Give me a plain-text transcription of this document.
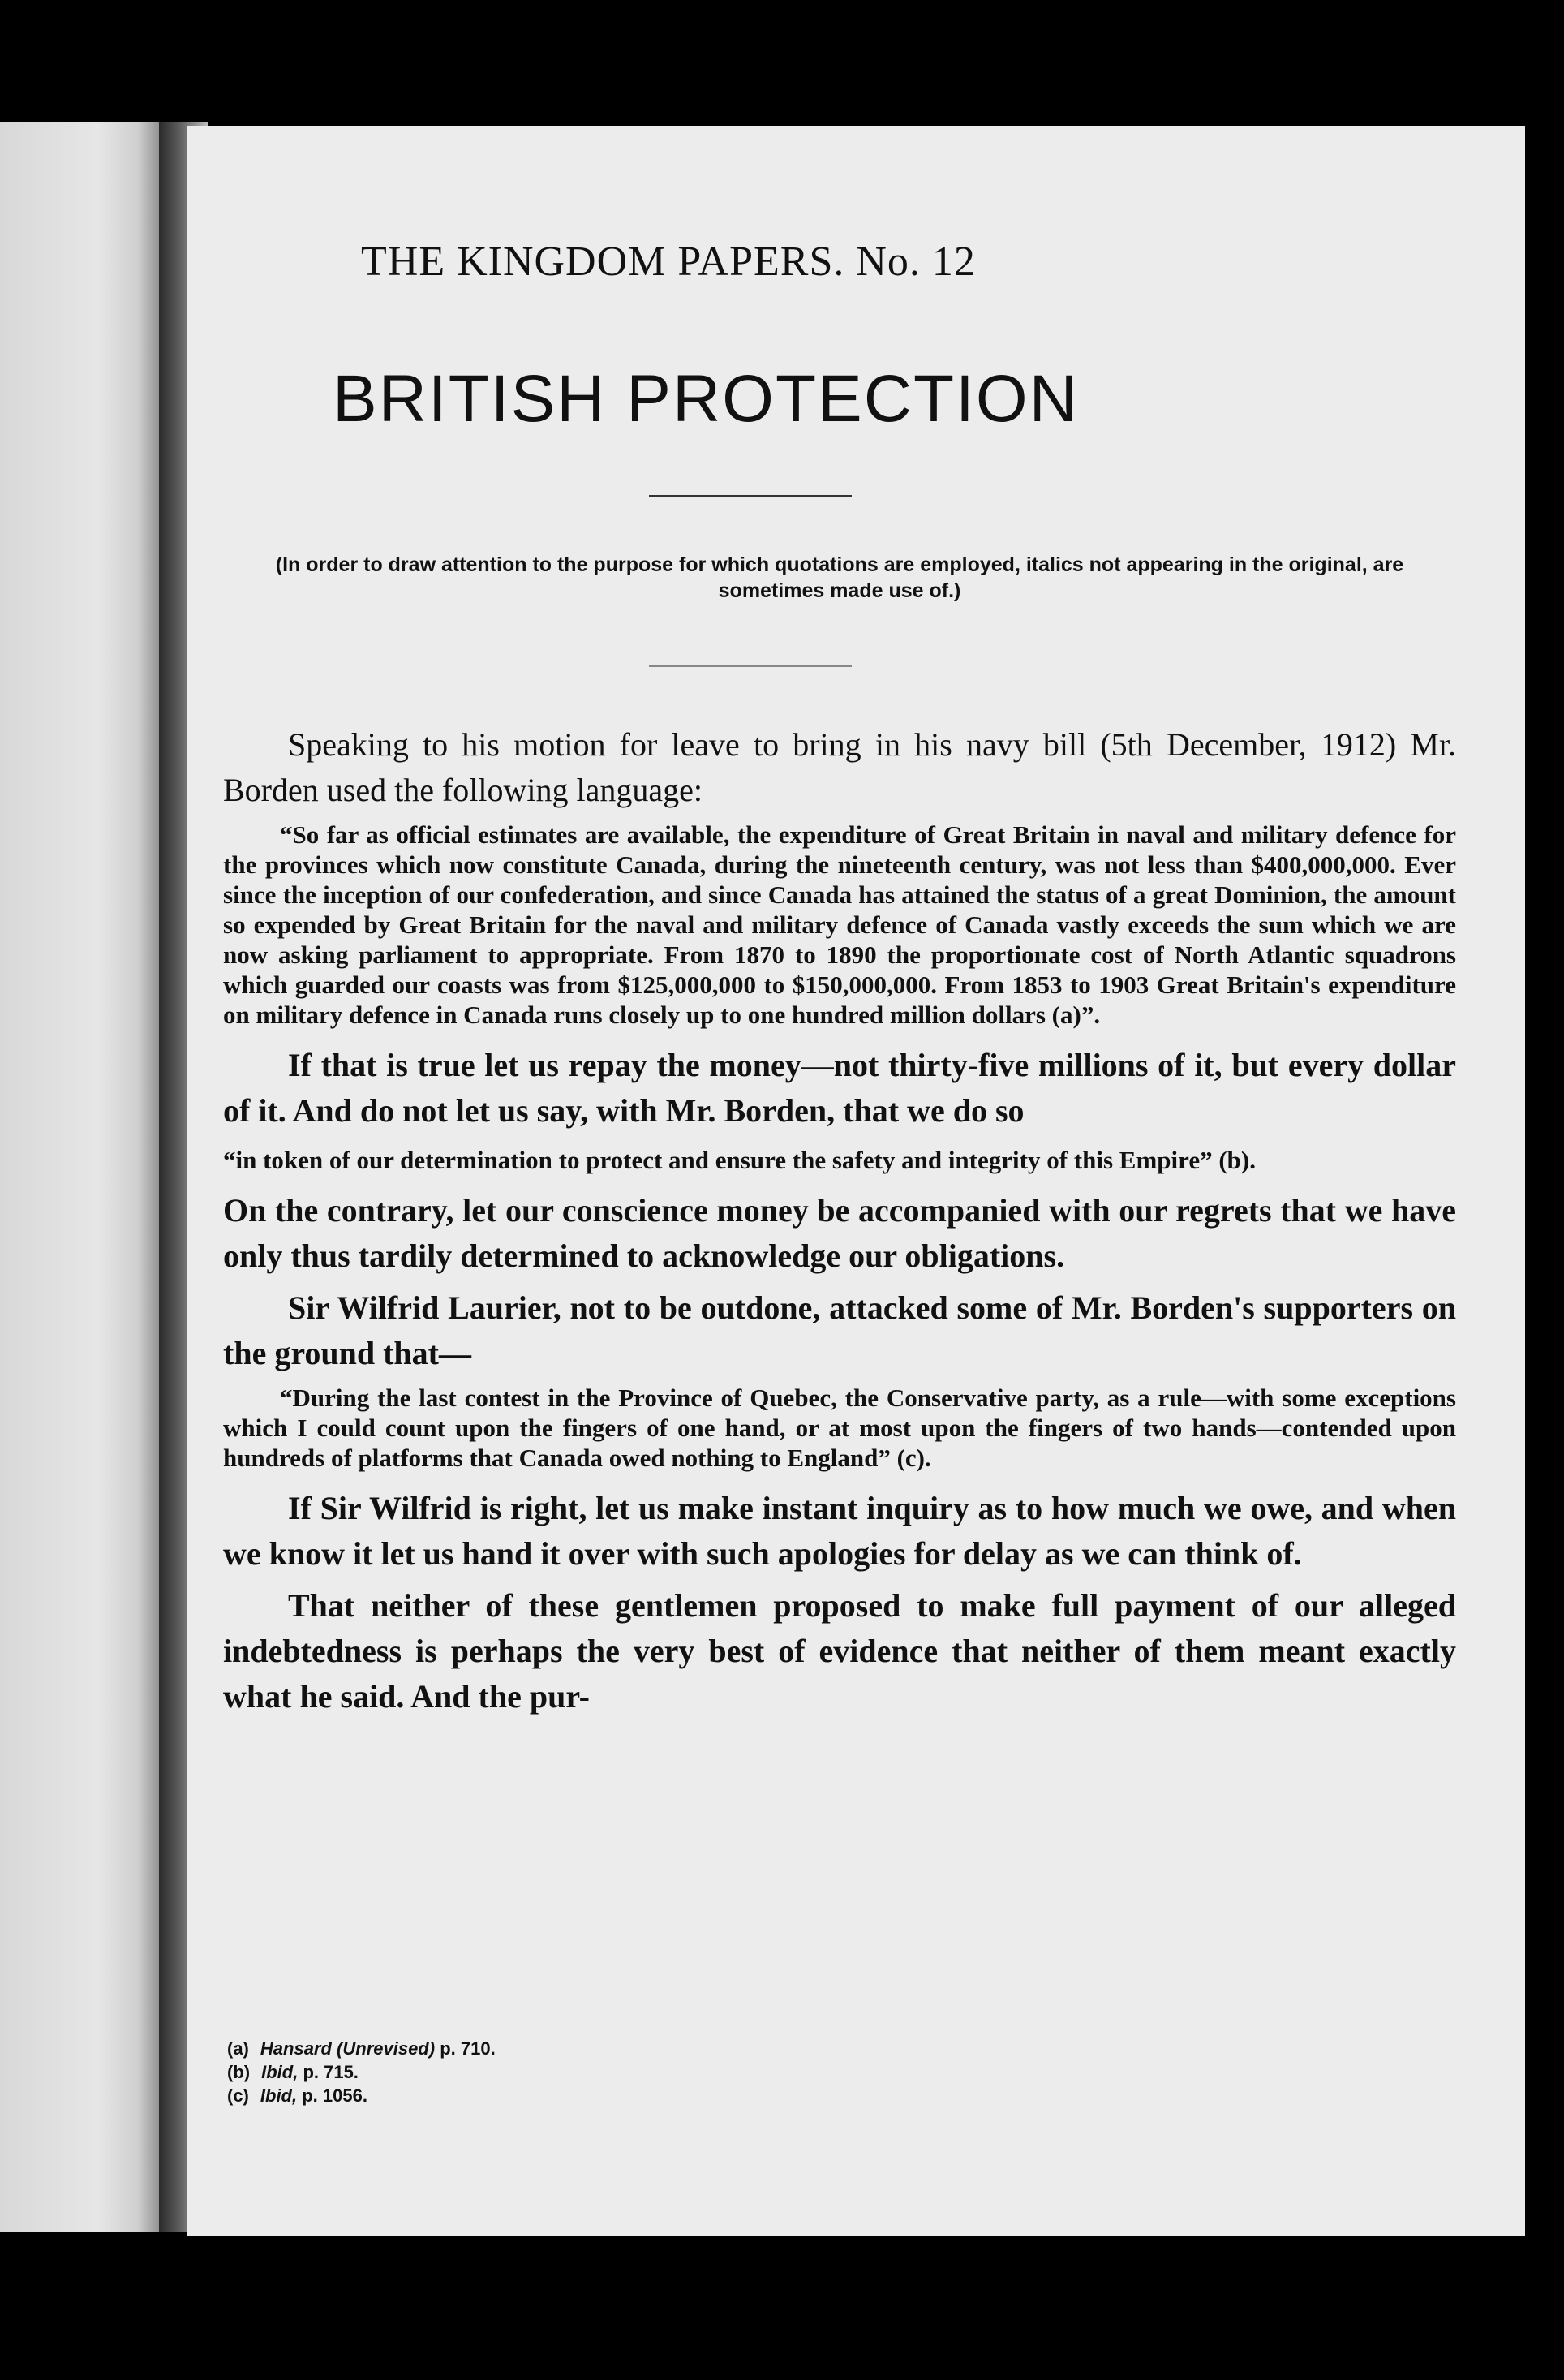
THE KINGDOM PAPERS. No. 12
BRITISH PROTECTION
(In order to draw attention to the purpose for which quotations are employed, italics not appearing in the original, are sometimes made use of.)

Speaking to his motion for leave to bring in his navy bill (5th December, 1912) Mr. Borden used the following language:

“So far as official estimates are available, the expenditure of Great Britain in naval and military defence for the provinces which now constitute Canada, during the nineteenth century, was not less than $400,000,000. Ever since the inception of our confederation, and since Canada has attained the status of a great Dominion, the amount so expended by Great Britain for the naval and military defence of Canada vastly exceeds the sum which we are now asking parliament to appropriate. From 1870 to 1890 the proportionate cost of North Atlantic squadrons which guarded our coasts was from $125,000,000 to $150,000,000. From 1853 to 1903 Great Britain's expenditure on military defence in Canada runs closely up to one hundred million dollars (a)”.

If that is true let us repay the money—not thirty-five millions of it, but every dollar of it. And do not let us say, with Mr. Borden, that we do so

“in token of our determination to protect and ensure the safety and integrity of this Empire” (b).

On the contrary, let our conscience money be accompanied with our regrets that we have only thus tardily determined to acknowledge our obligations.

Sir Wilfrid Laurier, not to be outdone, attacked some of Mr. Borden's supporters on the ground that—

“During the last contest in the Province of Quebec, the Conservative party, as a rule—with some exceptions which I could count upon the fingers of one hand, or at most upon the fingers of two hands—contended upon hundreds of platforms that Canada owed nothing to England” (c).

If Sir Wilfrid is right, let us make instant inquiry as to how much we owe, and when we know it let us hand it over with such apologies for delay as we can think of.

That neither of these gentlemen proposed to make full payment of our alleged indebtedness is perhaps the very best of evidence that neither of them meant exactly what he said. And the pur-

(a) Hansard (Unrevised) p. 710.
(b) Ibid, p. 715.
(c) Ibid, p. 1056.
